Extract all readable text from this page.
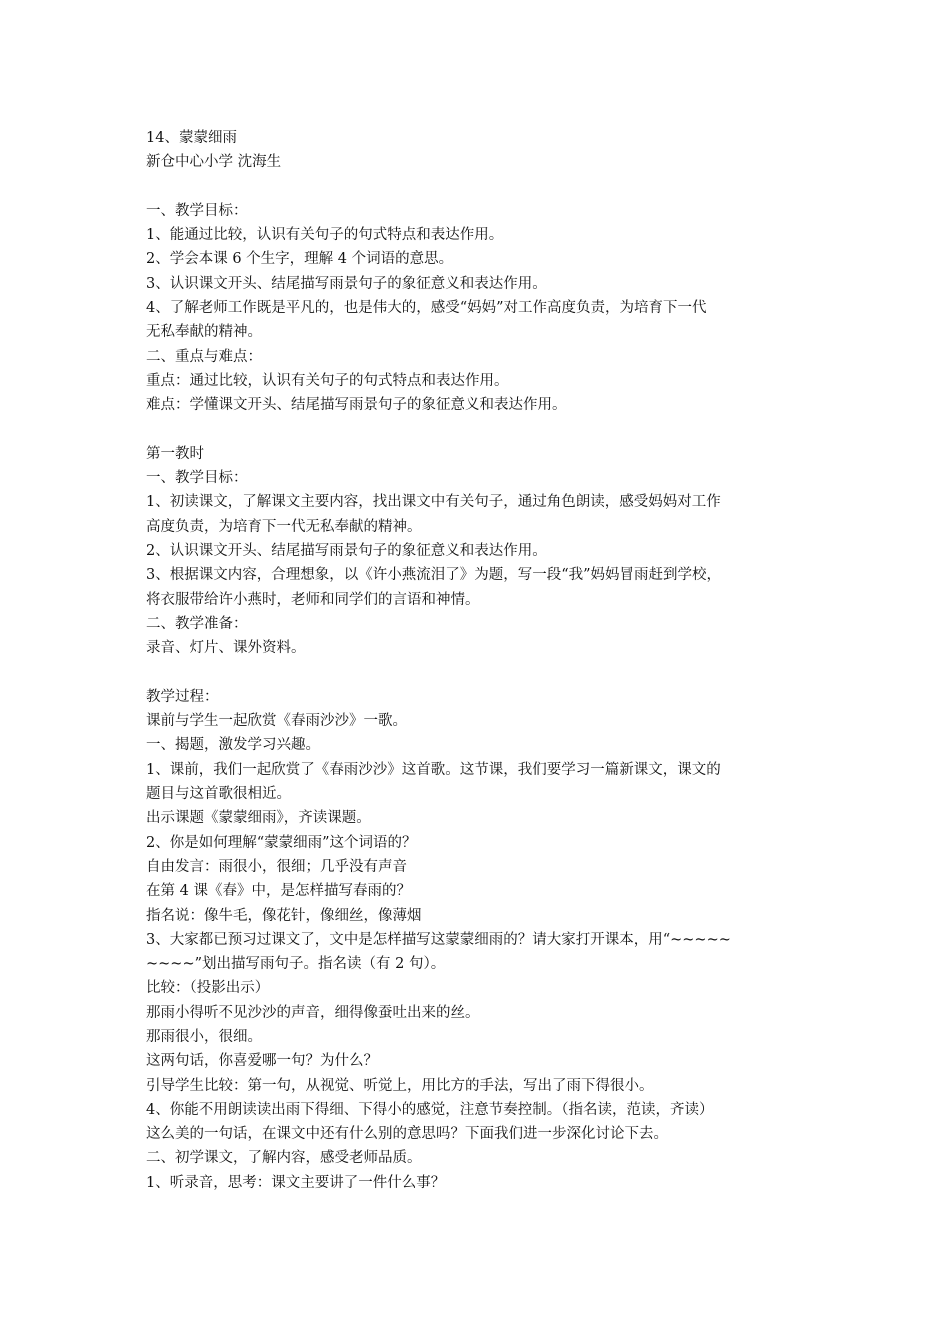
14、蒙蒙细雨
新仓中心小学 沈海生
一、教学目标：
1、能通过比较，认识有关句子的句式特点和表达作用。
2、学会本课 6 个生字，理解 4 个词语的意思。
3、认识课文开头、结尾描写雨景句子的象征意义和表达作用。
4、了解老师工作既是平凡的，也是伟大的，感受“妈妈”对工作高度负责，为培育下一代
无私奉献的精神。
二、重点与难点：
重点：通过比较，认识有关句子的句式特点和表达作用。
难点：学懂课文开头、结尾描写雨景句子的象征意义和表达作用。
第一教时
一、教学目标：
1、初读课文，了解课文主要内容，找出课文中有关句子，通过角色朗读，感受妈妈对工作
高度负责，为培育下一代无私奉献的精神。
2、认识课文开头、结尾描写雨景句子的象征意义和表达作用。
3、根据课文内容，合理想象，以《许小燕流泪了》为题，写一段“我”妈妈冒雨赶到学校，
将衣服带给许小燕时，老师和同学们的言语和神情。
二、教学准备：
录音、灯片、课外资料。
教学过程：
课前与学生一起欣赏《春雨沙沙》一歌。
一、揭题，激发学习兴趣。
1、课前，我们一起欣赏了《春雨沙沙》这首歌。这节课，我们要学习一篇新课文，课文的
题目与这首歌很相近。
出示课题《蒙蒙细雨》，齐读课题。
2、你是如何理解“蒙蒙细雨”这个词语的？
自由发言：雨很小，很细；几乎没有声音
在第 4 课《春》中，是怎样描写春雨的？
指名说：像牛毛，像花针，像细丝，像薄烟
3、大家都已预习过课文了，文中是怎样描写这蒙蒙细雨的？请大家打开课本，用“~~~~~
~~~~”划出描写雨句子。指名读（有 2 句）。
比较：（投影出示）
那雨小得听不见沙沙的声音，细得像蚕吐出来的丝。
那雨很小，很细。
这两句话，你喜爱哪一句？为什么？
引导学生比较：第一句，从视觉、听觉上，用比方的手法，写出了雨下得很小。
4、你能不用朗读读出雨下得细、下得小的感觉，注意节奏控制。（指名读，范读，齐读）
这么美的一句话，在课文中还有什么别的意思吗？下面我们进一步深化讨论下去。
二、初学课文，了解内容，感受老师品质。
1、听录音，思考：课文主要讲了一件什么事？
